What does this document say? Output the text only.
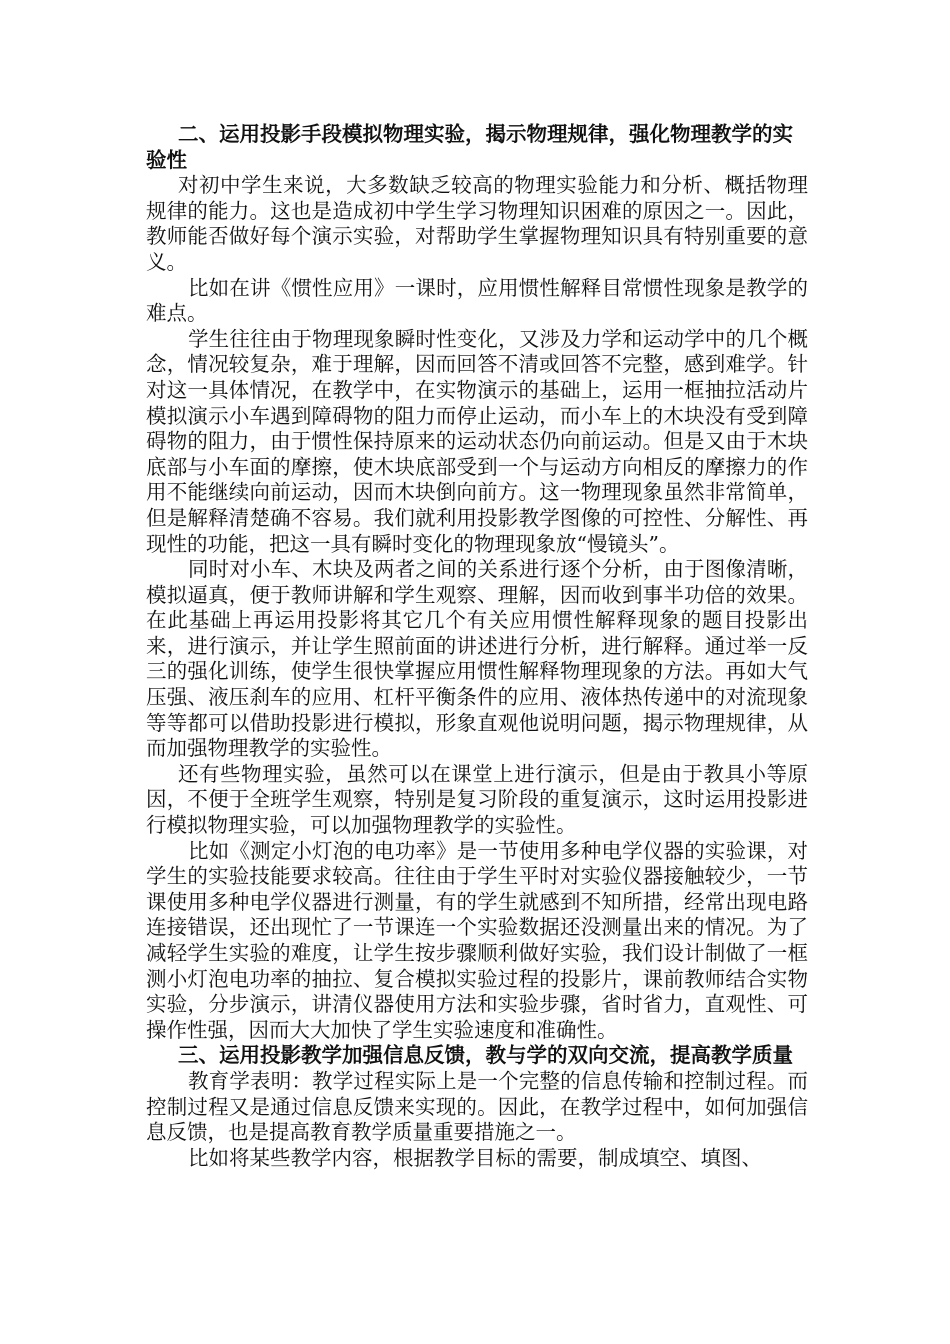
二、运用投影手段模拟物理实验，揭示物理规律，强化物理教学的实验性

对初中学生来说，大多数缺乏较高的物理实验能力和分析、概括物理规律的能力。这也是造成初中学生学习物理知识困难的原因之一。因此，教师能否做好每个演示实验，对帮助学生掌握物理知识具有特别重要的意义。

比如在讲《惯性应用》一课时，应用惯性解释目常惯性现象是教学的难点。

学生往往由于物理现象瞬时性变化，又涉及力学和运动学中的几个概念，情况较复杂，难于理解，因而回答不清或回答不完整，感到难学。针对这一具体情况，在教学中，在实物演示的基础上，运用一框抽拉活动片模拟演示小车遇到障碍物的阻力而停止运动，而小车上的木块没有受到障碍物的阻力，由于惯性保持原来的运动状态仍向前运动。但是又由于木块底部与小车面的摩擦，使木块底部受到一个与运动方向相反的摩擦力的作用不能继续向前运动，因而木块倒向前方。这一物理现象虽然非常简单，但是解释清楚确不容易。我们就利用投影教学图像的可控性、分解性、再现性的功能，把这一具有瞬时变化的物理现象放“慢镜头”。

同时对小车、木块及两者之间的关系进行逐个分析，由于图像清晰，模拟逼真，便于教师讲解和学生观察、理解，因而收到事半功倍的效果。在此基础上再运用投影将其它几个有关应用惯性解释现象的题目投影出来，进行演示，并让学生照前面的讲述进行分析，进行解释。通过举一反三的强化训练，使学生很快掌握应用惯性解释物理现象的方法。再如大气压强、液压刹车的应用、杠杆平衡条件的应用、液体热传递中的对流现象等等都可以借助投影进行模拟，形象直观他说明问题，揭示物理规律，从而加强物理教学的实验性。

还有些物理实验，虽然可以在课堂上进行演示，但是由于教具小等原因，不便于全班学生观察，特别是复习阶段的重复演示，这时运用投影进行模拟物理实验，可以加强物理教学的实验性。

比如《测定小灯泡的电功率》是一节使用多种电学仪器的实验课，对学生的实验技能要求较高。往往由于学生平时对实验仪器接触较少，一节课使用多种电学仪器进行测量，有的学生就感到不知所措，经常出现电路连接错误，还出现忙了一节课连一个实验数据还没测量出来的情况。为了减轻学生实验的难度，让学生按步骤顺利做好实验，我们设计制做了一框测小灯泡电功率的抽拉、复合模拟实验过程的投影片，课前教师结合实物实验，分步演示，讲清仪器使用方法和实验步骤，省时省力，直观性、可操作性强，因而大大加快了学生实验速度和准确性。

三、运用投影教学加强信息反馈，教与学的双向交流，提高教学质量

教育学表明：教学过程实际上是一个完整的信息传输和控制过程。而控制过程又是通过信息反馈来实现的。因此，在教学过程中，如何加强信息反馈，也是提高教育教学质量重要措施之一。

比如将某些教学内容，根据教学目标的需要，制成填空、填图、
